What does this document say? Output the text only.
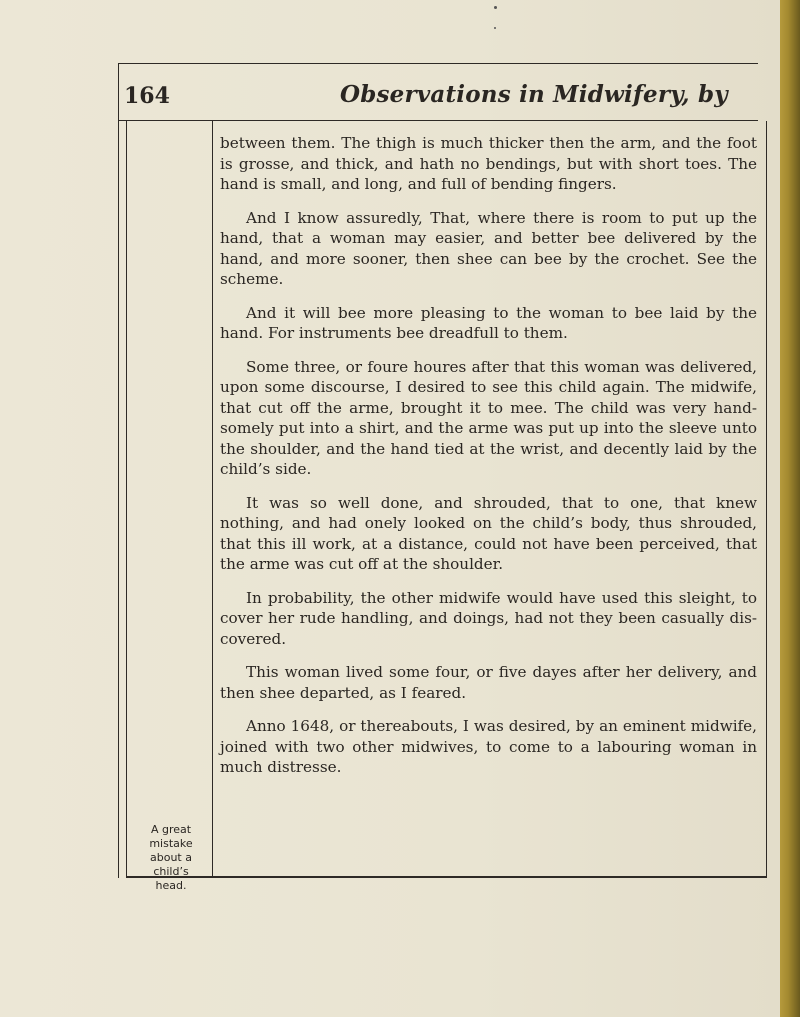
164	Observations in Midwifery, by

between them. The thigh is much thicker then the arm, and the foot is grosse, and thick, and hath no bendings, but with short toes. The hand is small, and long, and full of bending fingers.

And I know assuredly, That, where there is room to put up the hand, that a woman may easier, and better bee delivered by the hand, and more sooner, then shee can bee by the crochet. See the scheme.

And it will bee more pleasing to the woman to bee laid by the hand. For instruments bee dreadfull to them.

Some three, or foure houres after that this woman was delivered, upon some discourse, I desired to see this child again. The midwife, that cut off the arme, brought it to mee. The child was very hand-somely put into a shirt, and the arme was put up into the sleeve unto the shoulder, and the hand tied at the wrist, and decently laid by the child’s side.

It was so well done, and shrouded, that to one, that knew nothing, and had onely looked on the child’s body, thus shrouded, that this ill work, at a distance, could not have been perceived, that the arme was cut off at the shoulder.

In probability, the other midwife would have used this sleight, to cover her rude handling, and doings, had not they been casually dis-covered.

This woman lived some four, or five dayes after her delivery, and then shee departed, as I feared.

Anno 1648, or thereabouts, I was desired, by an eminent midwife, joined with two other midwives, to come to a labouring woman in much distresse.

A great
mistake
about a
child’s
head.
